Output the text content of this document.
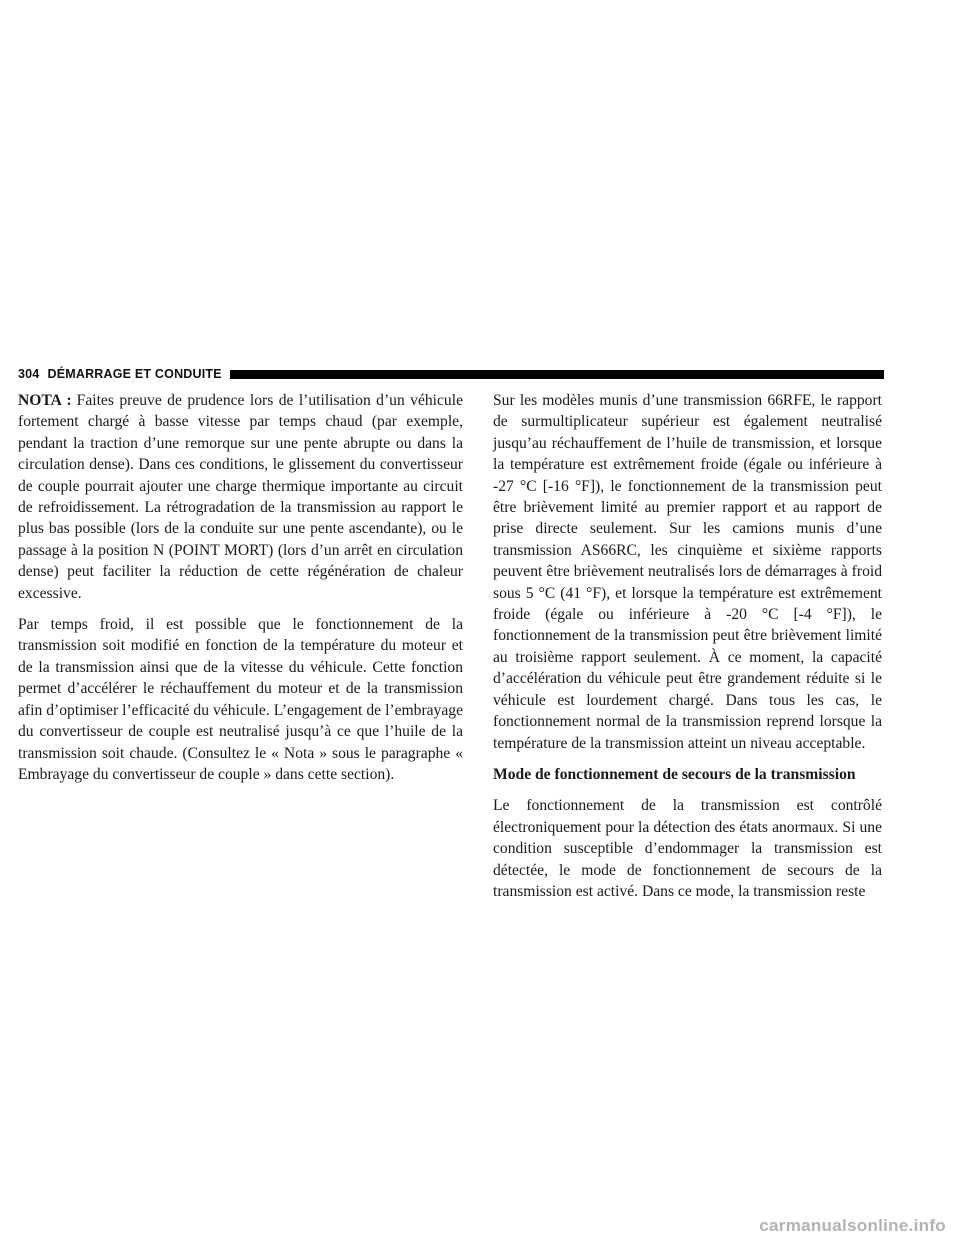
304 DÉMARRAGE ET CONDUITE

NOTA : Faites preuve de prudence lors de l’utilisation d’un véhicule fortement chargé à basse vitesse par temps chaud (par exemple, pendant la traction d’une remorque sur une pente abrupte ou dans la circulation dense). Dans ces conditions, le glissement du convertisseur de couple pourrait ajouter une charge thermique importante au circuit de refroidissement. La rétrogradation de la transmission au rapport le plus bas possible (lors de la conduite sur une pente ascendante), ou le passage à la position N (POINT MORT) (lors d’un arrêt en circulation dense) peut faciliter la réduction de cette régénération de chaleur excessive.

Par temps froid, il est possible que le fonctionnement de la transmission soit modifié en fonction de la température du moteur et de la transmission ainsi que de la vitesse du véhicule. Cette fonction permet d’accélérer le réchauffement du moteur et de la transmission afin d’optimiser l’efficacité du véhicule. L’engagement de l’embrayage du convertisseur de couple est neutralisé jusqu’à ce que l’huile de la transmission soit chaude. (Consultez le « Nota » sous le paragraphe « Embrayage du convertisseur de couple » dans cette section).

Sur les modèles munis d’une transmission 66RFE, le rapport de surmultiplicateur supérieur est également neutralisé jusqu’au réchauffement de l’huile de transmission, et lorsque la température est extrêmement froide (égale ou inférieure à -27 °C [-16 °F]), le fonctionnement de la transmission peut être brièvement limité au premier rapport et au rapport de prise directe seulement. Sur les camions munis d’une transmission AS66RC, les cinquième et sixième rapports peuvent être brièvement neutralisés lors de démarrages à froid sous 5 °C (41 °F), et lorsque la température est extrêmement froide (égale ou inférieure à -20 °C [-4 °F]), le fonctionnement de la transmission peut être brièvement limité au troisième rapport seulement. À ce moment, la capacité d’accélération du véhicule peut être grandement réduite si le véhicule est lourdement chargé. Dans tous les cas, le fonctionnement normal de la transmission reprend lorsque la température de la transmission atteint un niveau acceptable.

Mode de fonctionnement de secours de la transmission

Le fonctionnement de la transmission est contrôlé électroniquement pour la détection des états anormaux. Si une condition susceptible d’endommager la transmission est détectée, le mode de fonctionnement de secours de la transmission est activé. Dans ce mode, la transmission reste

carmanualsonline.info
